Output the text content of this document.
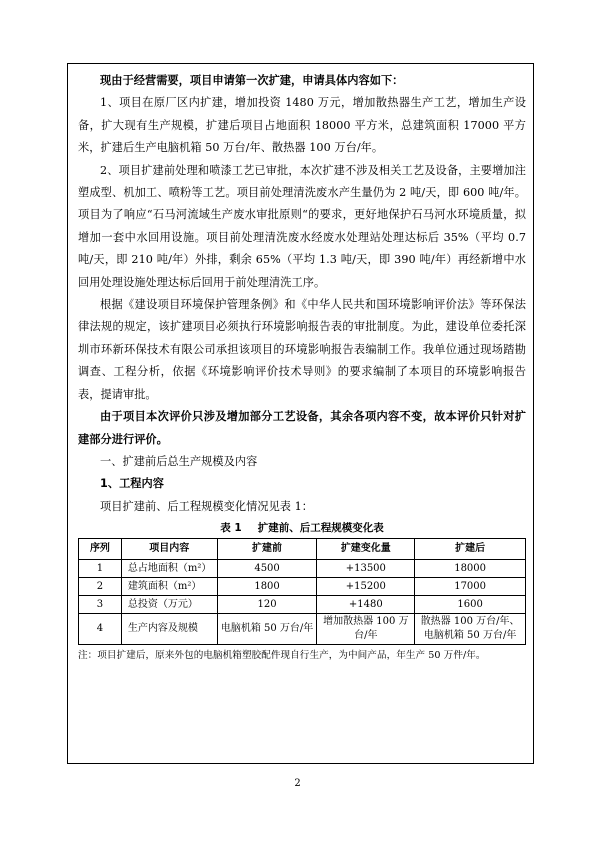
现由于经营需要，项目申请第一次扩建，申请具体内容如下：

1、项目在原厂区内扩建，增加投资 1480 万元，增加散热器生产工艺，增加生产设备，扩大现有生产规模，扩建后项目占地面积 18000 平方米，总建筑面积 17000 平方米，扩建后生产电脑机箱 50 万台/年、散热器 100 万台/年。

2、项目扩建前处理和喷漆工艺已审批，本次扩建不涉及相关工艺及设备，主要增加注塑成型、机加工、喷粉等工艺。项目前处理清洗废水产生量仍为 2 吨/天，即 600 吨/年。项目为了响应“石马河流域生产废水审批原则“的要求，更好地保护石马河水环境质量，拟增加一套中水回用设施。项目前处理清洗废水经废水处理站处理达标后 35%（平均 0.7 吨/天，即 210 吨/年）外排，剩余 65%（平均 1.3 吨/天，即 390 吨/年）再经新增中水回用处理设施处理达标后回用于前处理清洗工序。

根据《建设项目环境保护管理条例》和《中华人民共和国环境影响评价法》等环保法律法规的规定，该扩建项目必须执行环境影响报告表的审批制度。为此，建设单位委托深圳市环新环保技术有限公司承担该项目的环境影响报告表编制工作。我单位通过现场踏勘调查、工程分析，依据《环境影响评价技术导则》的要求编制了本项目的环境影响报告表，提请审批。

由于项目本次评价只涉及增加部分工艺设备，其余各项内容不变，故本评价只针对扩建部分进行评价。

一、扩建前后总生产规模及内容

1、工程内容

项目扩建前、后工程规模变化情况见表 1：

表 1 扩建前、后工程规模变化表
序列	项目内容	扩建前	扩建变化量	扩建后
1	总占地面积（m²）	4500	+13500	18000
2	建筑面积（m²）	1800	+15200	17000
3	总投资（万元）	120	+1480	1600
4	生产内容及规模	电脑机箱 50 万台/年	增加散热器 100 万台/年	散热器 100 万台/年、电脑机箱 50 万台/年

注：项目扩建后，原来外包的电脑机箱塑胶配件现自行生产，为中间产品，年生产 50 万件/年。

2
